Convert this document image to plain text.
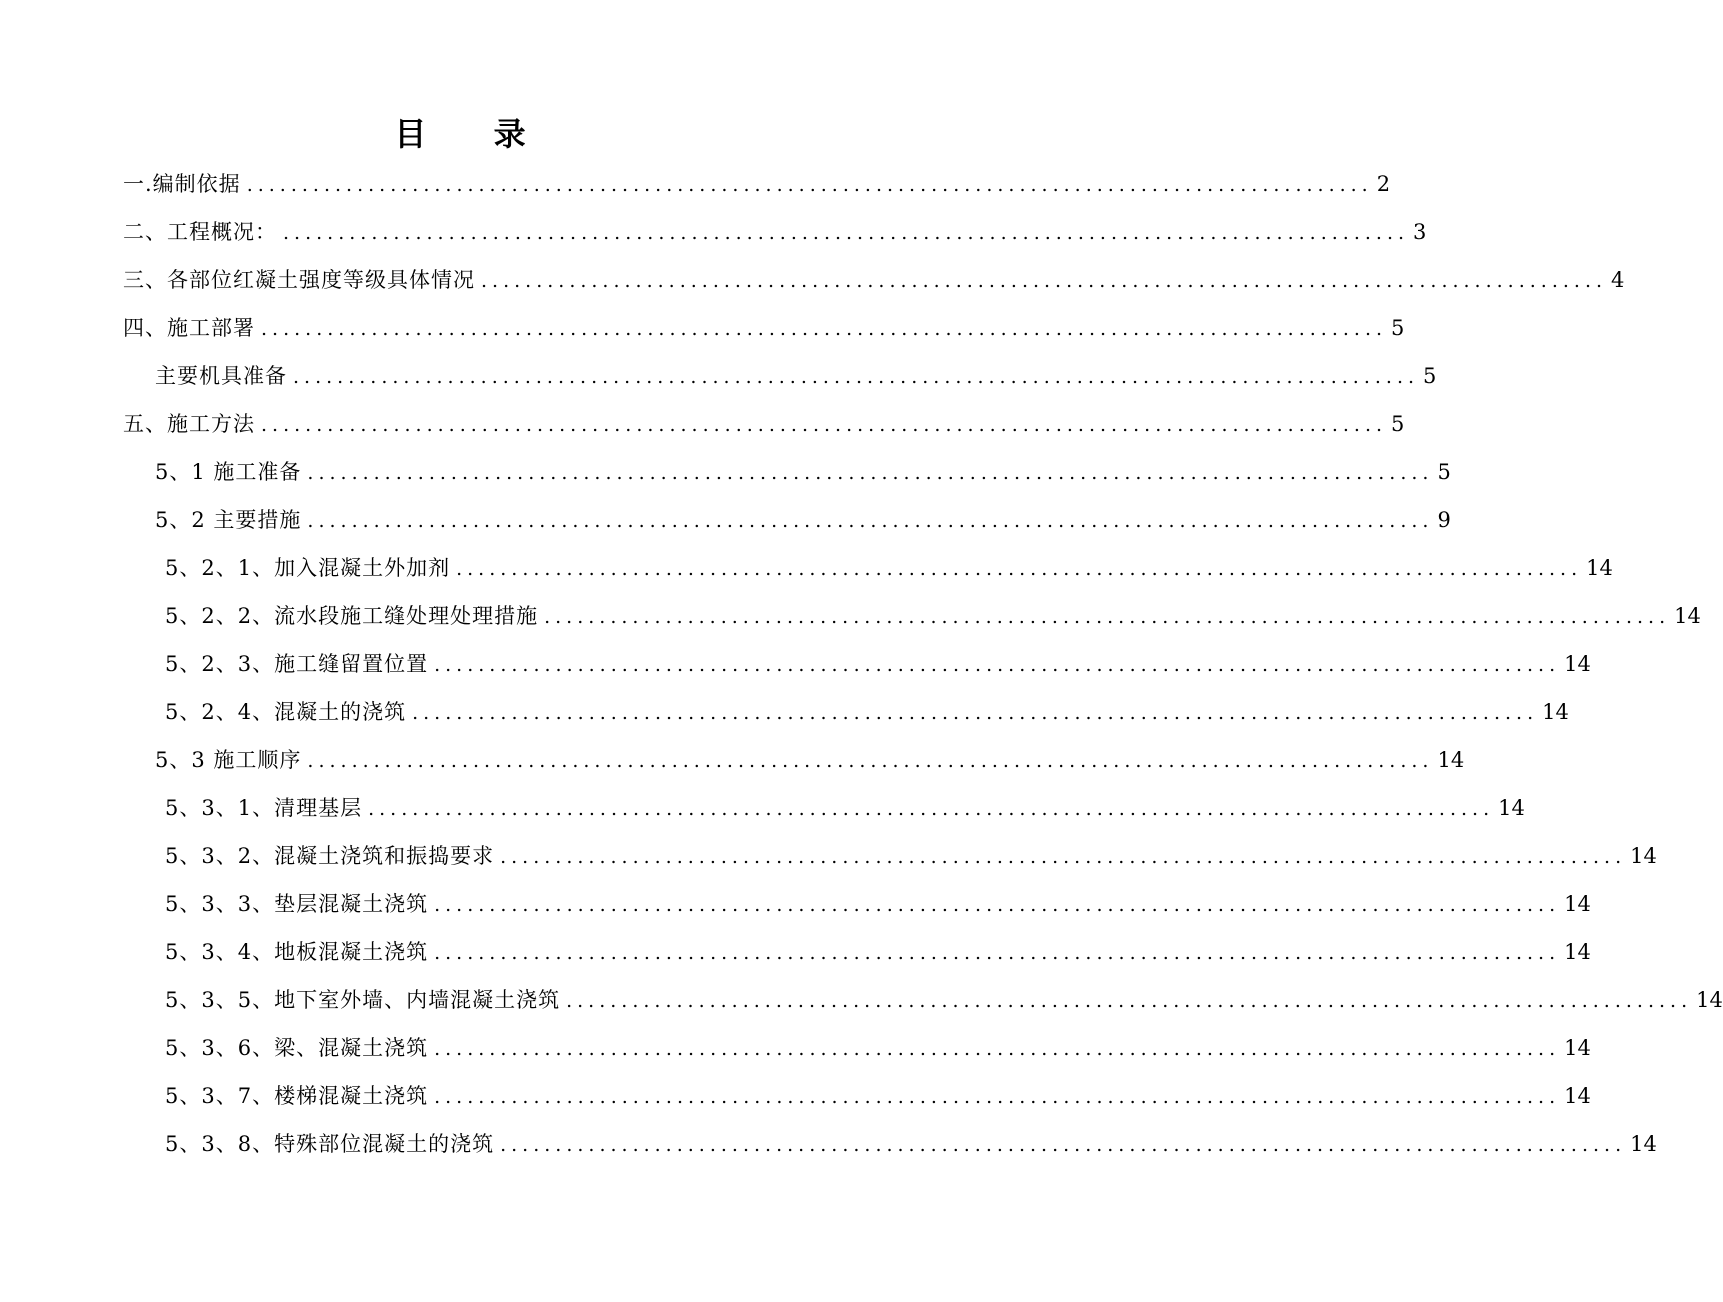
目 录
一.编制依据 ...................................................................................................... 2
二、工程概况： ...................................................................................................... 3
三、各部位红凝土强度等级具体情况 ...................................................................................................... 4
四、施工部署 ...................................................................................................... 5
主要机具准备 ...................................................................................................... 5
五、施工方法 ...................................................................................................... 5
5、1 施工准备 ...................................................................................................... 5
5、2 主要措施 ...................................................................................................... 9
5、2、1、加入混凝土外加剂 ...................................................................................................... 14
5、2、2、流水段施工缝处理处理措施 ...................................................................................................... 14
5、2、3、施工缝留置位置 ...................................................................................................... 14
5、2、4、混凝土的浇筑 ...................................................................................................... 14
5、3 施工顺序 ...................................................................................................... 14
5、3、1、清理基层 ...................................................................................................... 14
5、3、2、混凝土浇筑和振捣要求 ...................................................................................................... 14
5、3、3、垫层混凝土浇筑 ...................................................................................................... 14
5、3、4、地板混凝土浇筑 ...................................................................................................... 14
5、3、5、地下室外墙、内墙混凝土浇筑 ...................................................................................................... 14
5、3、6、梁、混凝土浇筑 ...................................................................................................... 14
5、3、7、楼梯混凝土浇筑 ...................................................................................................... 14
5、3、8、特殊部位混凝土的浇筑 ...................................................................................................... 14
